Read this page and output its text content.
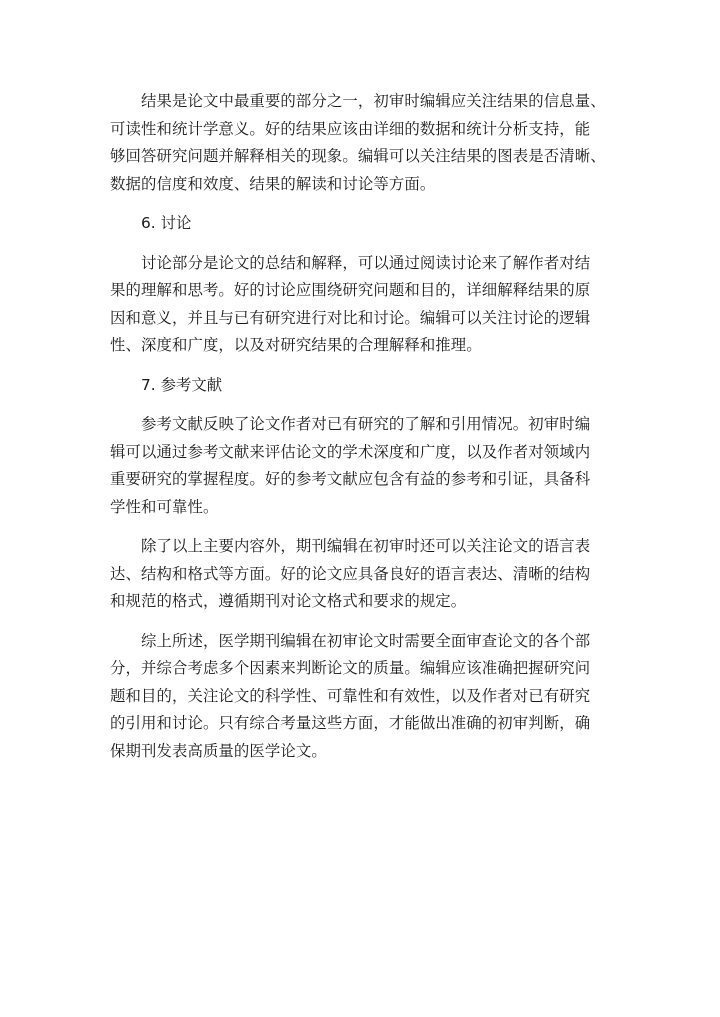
结果是论文中最重要的部分之一，初审时编辑应关注结果的信息量、
可读性和统计学意义。好的结果应该由详细的数据和统计分析支持，能
够回答研究问题并解释相关的现象。编辑可以关注结果的图表是否清晰、
数据的信度和效度、结果的解读和讨论等方面。

6. 讨论

讨论部分是论文的总结和解释，可以通过阅读讨论来了解作者对结
果的理解和思考。好的讨论应围绕研究问题和目的，详细解释结果的原
因和意义，并且与已有研究进行对比和讨论。编辑可以关注讨论的逻辑
性、深度和广度，以及对研究结果的合理解释和推理。

7. 参考文献

参考文献反映了论文作者对已有研究的了解和引用情况。初审时编
辑可以通过参考文献来评估论文的学术深度和广度，以及作者对领域内
重要研究的掌握程度。好的参考文献应包含有益的参考和引证，具备科
学性和可靠性。

除了以上主要内容外，期刊编辑在初审时还可以关注论文的语言表
达、结构和格式等方面。好的论文应具备良好的语言表达、清晰的结构
和规范的格式，遵循期刊对论文格式和要求的规定。

综上所述，医学期刊编辑在初审论文时需要全面审查论文的各个部
分，并综合考虑多个因素来判断论文的质量。编辑应该准确把握研究问
题和目的，关注论文的科学性、可靠性和有效性，以及作者对已有研究
的引用和讨论。只有综合考量这些方面，才能做出准确的初审判断，确
保期刊发表高质量的医学论文。
